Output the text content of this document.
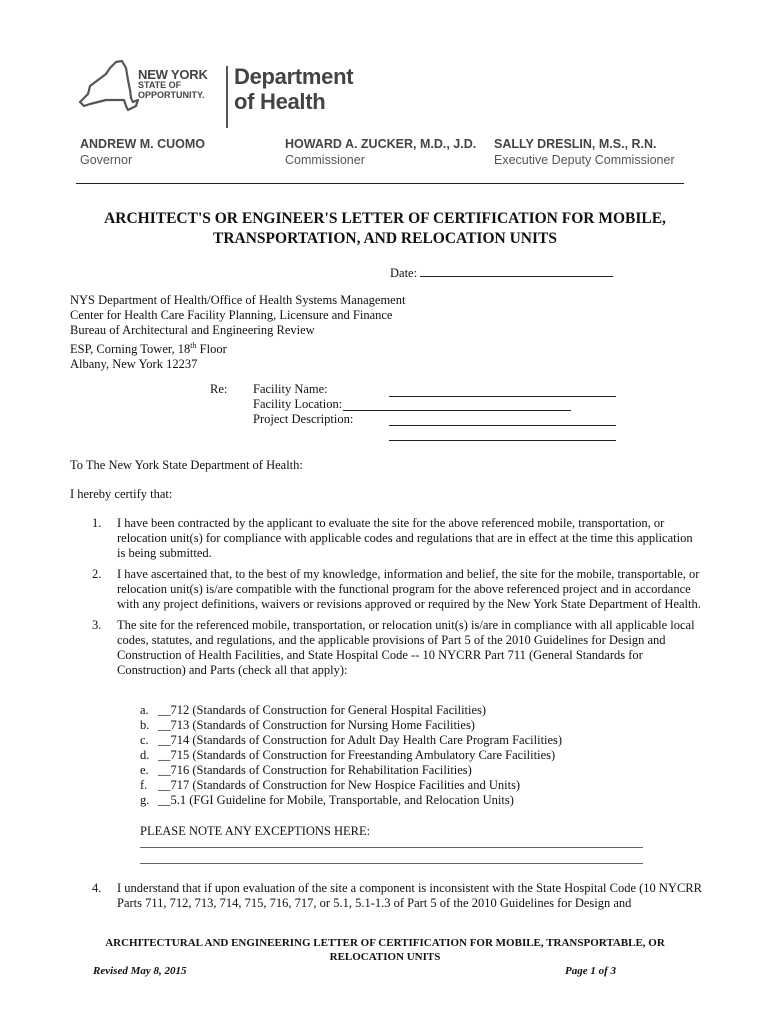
NEW YORK
STATE OF
OPPORTUNITY.
Department
of Health
ANDREW M. CUOMO
Governor
HOWARD A. ZUCKER, M.D., J.D.
Commissioner
SALLY DRESLIN, M.S., R.N.
Executive Deputy Commissioner
ARCHITECT'S OR ENGINEER'S LETTER OF CERTIFICATION FOR MOBILE,
TRANSPORTATION, AND RELOCATION UNITS
Date:
NYS Department of Health/Office of Health Systems Management
Center for Health Care Facility Planning, Licensure and Finance
Bureau of Architectural and Engineering Review
ESP, Corning Tower, 18th Floor
Albany, New York 12237
Re: Facility Name:
Facility Location:
Project Description:
To The New York State Department of Health:
I hereby certify that:
1. I have been contracted by the applicant to evaluate the site for the above referenced mobile, transportation, or relocation unit(s) for compliance with applicable codes and regulations that are in effect at the time this application is being submitted.
2. I have ascertained that, to the best of my knowledge, information and belief, the site for the mobile, transportable, or relocation unit(s) is/are compatible with the functional program for the above referenced project and in accordance with any project definitions, waivers or revisions approved or required by the New York State Department of Health.
3. The site for the referenced mobile, transportation, or relocation unit(s) is/are in compliance with all applicable local codes, statutes, and regulations, and the applicable provisions of Part 5 of the 2010 Guidelines for Design and Construction of Health Facilities, and State Hospital Code -- 10 NYCRR Part 711 (General Standards for Construction) and Parts (check all that apply):
a. __712 (Standards of Construction for General Hospital Facilities)
b. __713 (Standards of Construction for Nursing Home Facilities)
c. __714 (Standards of Construction for Adult Day Health Care Program Facilities)
d. __715 (Standards of Construction for Freestanding Ambulatory Care Facilities)
e. __716 (Standards of Construction for Rehabilitation Facilities)
f. __717 (Standards of Construction for New Hospice Facilities and Units)
g. __5.1 (FGI Guideline for Mobile, Transportable, and Relocation Units)
PLEASE NOTE ANY EXCEPTIONS HERE:
4. I understand that if upon evaluation of the site a component is inconsistent with the State Hospital Code (10 NYCRR Parts 711, 712, 713, 714, 715, 716, 717, or 5.1, 5.1-1.3 of Part 5 of the 2010 Guidelines for Design and
ARCHITECTURAL AND ENGINEERING LETTER OF CERTIFICATION FOR MOBILE, TRANSPORTABLE, OR
RELOCATION UNITS
Revised May 8, 2015	Page 1 of 3
